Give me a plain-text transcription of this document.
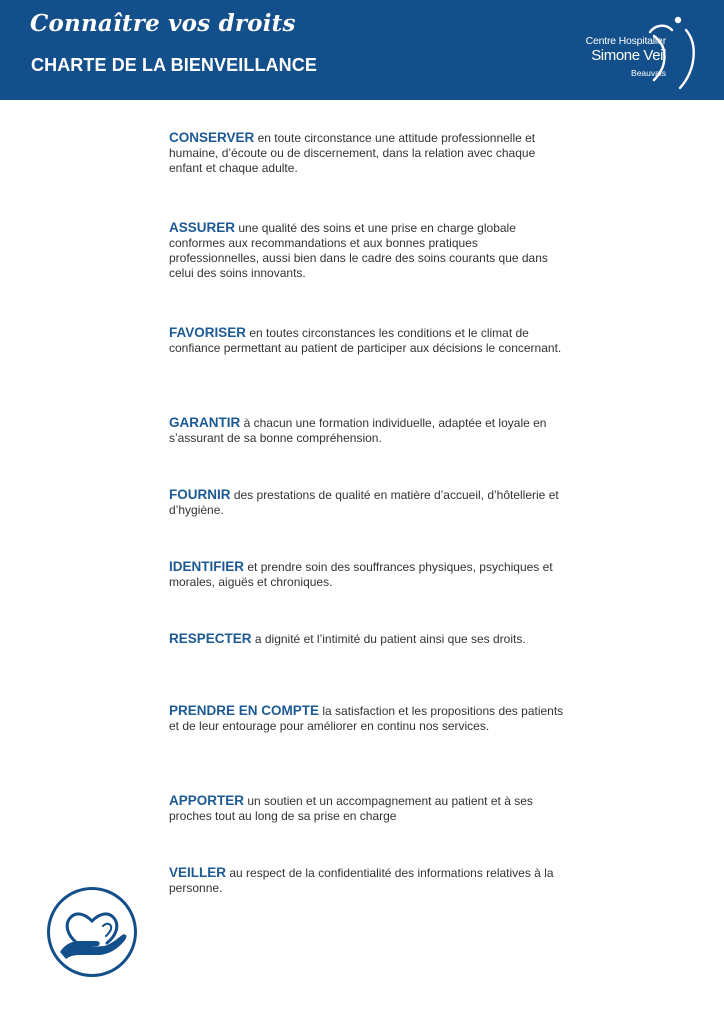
Connaître vos droits
CHARTE DE LA BIENVEILLANCE
Centre Hospitalier
Simone Veil
Beauvais
CONSERVER en toute circonstance une attitude professionnelle et humaine, d’écoute ou de discernement, dans la relation avec chaque enfant et chaque adulte.
ASSURER une qualité des soins et une prise en charge globale conformes aux recommandations et aux bonnes pratiques professionnelles, aussi bien dans le cadre des soins courants que dans celui des soins innovants.
FAVORISER en toutes circonstances les conditions et le climat de confiance permettant au patient de participer aux décisions le concernant.
GARANTIR à chacun une formation individuelle, adaptée et loyale en s’assurant de sa bonne compréhension.
FOURNIR des prestations de qualité en matière d’accueil, d’hôtellerie et d’hygiène.
IDENTIFIER et prendre soin des souffrances physiques, psychiques et morales, aiguës et chroniques.
RESPECTER a dignité et l’intimité du patient ainsi que ses droits.
PRENDRE EN COMPTE la satisfaction et les propositions des patients et de leur entourage pour améliorer en continu nos services.
APPORTER un soutien et un accompagnement au patient et à ses proches tout au long de sa prise en charge
VEILLER au respect de la confidentialité des informations relatives à la personne.
